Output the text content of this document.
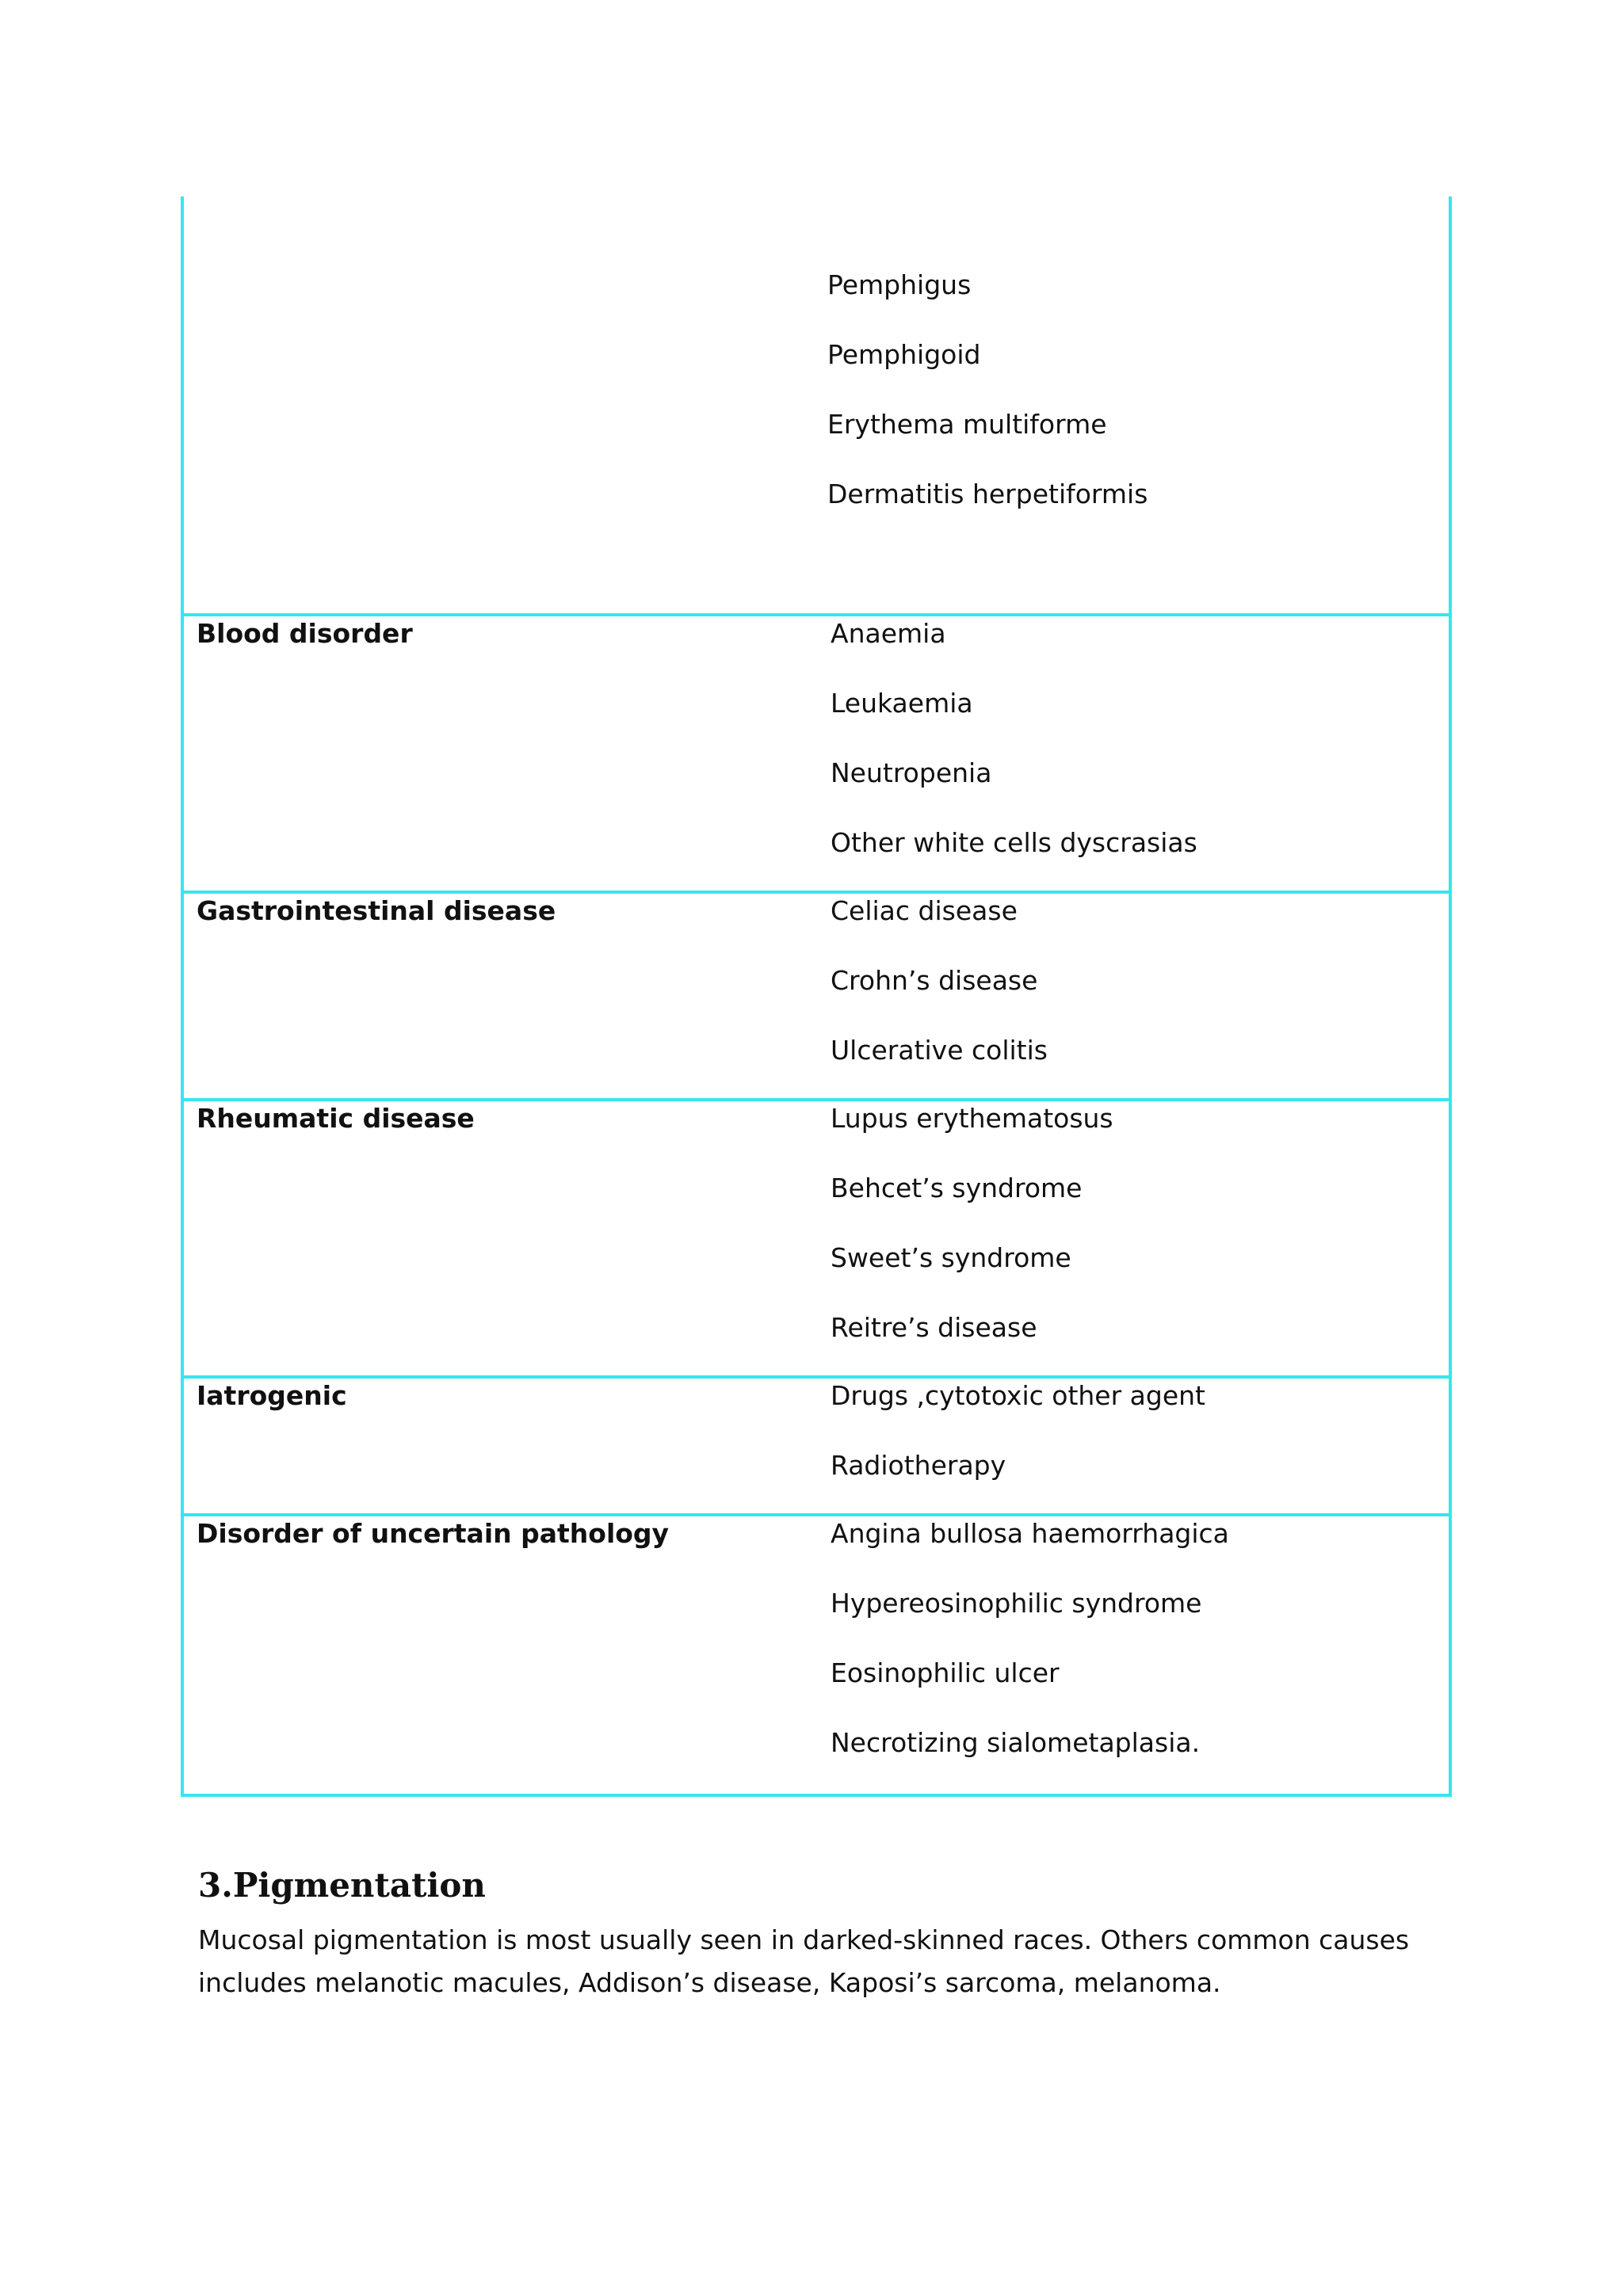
Pemphigus
Pemphigoid
Erythema multiforme
Dermatitis herpetiformis
Blood disorder	Anaemia
Leukaemia
Neutropenia
Other white cells dyscrasias
Gastrointestinal disease	Celiac disease
Crohn’s disease
Ulcerative colitis
Rheumatic disease	Lupus erythematosus
Behcet’s syndrome
Sweet’s syndrome
Reitre’s disease
Iatrogenic	Drugs ,cytotoxic other agent
Radiotherapy
Disorder of uncertain pathology	Angina bullosa haemorrhagica
Hypereosinophilic syndrome
Eosinophilic ulcer
Necrotizing sialometaplasia.
3.Pigmentation

Mucosal pigmentation is most usually seen in darked-skinned races. Others common causes includes melanotic macules, Addison’s disease, Kaposi’s sarcoma, melanoma.
